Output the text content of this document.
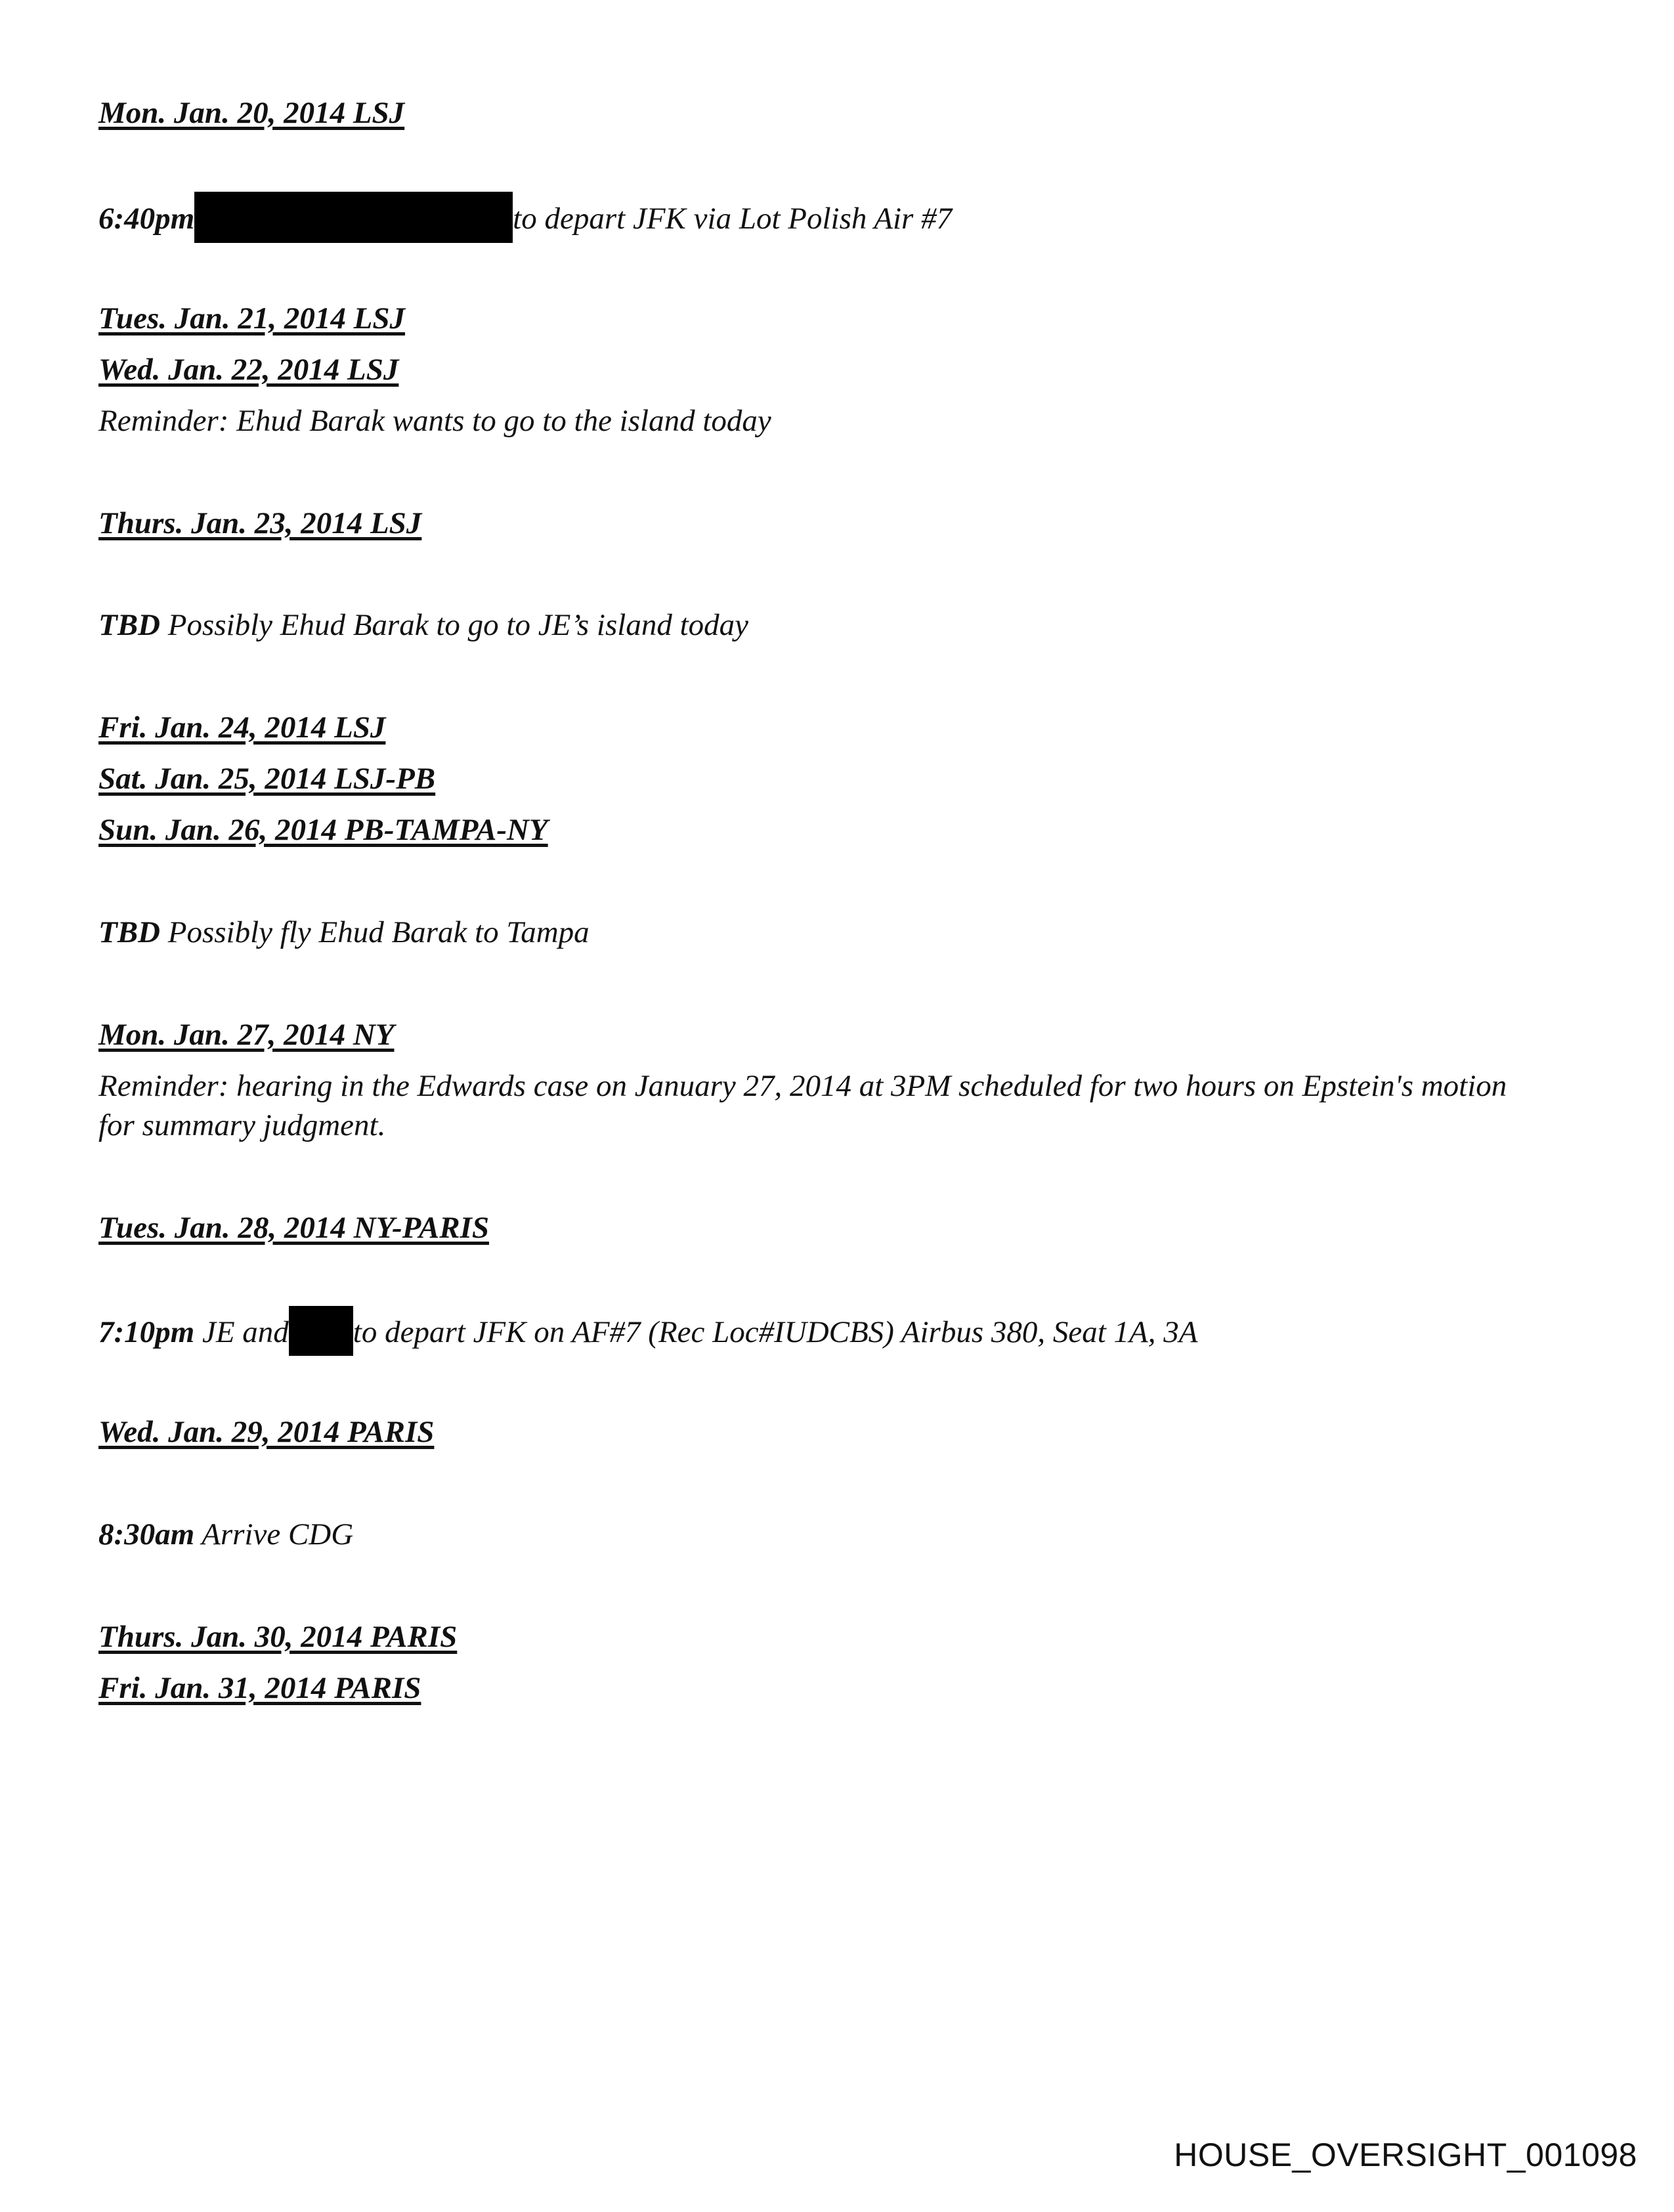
Mon. Jan. 20, 2014 LSJ
6:40pm	to depart JFK via Lot Polish Air #7
Tues. Jan. 21, 2014 LSJ
Wed. Jan. 22, 2014 LSJ
Reminder: Ehud Barak wants to go to the island today
Thurs. Jan. 23, 2014 LSJ
TBD Possibly Ehud Barak to go to JE’s island today
Fri. Jan. 24, 2014 LSJ
Sat. Jan. 25, 2014 LSJ-PB
Sun. Jan. 26, 2014 PB-TAMPA-NY
TBD Possibly fly Ehud Barak to Tampa
Mon. Jan. 27, 2014 NY
Reminder: hearing in the Edwards case on January 27, 2014 at 3PM scheduled for two hours on Epstein's motion for summary judgment.
Tues. Jan. 28, 2014 NY-PARIS
7:10pm JE and to depart JFK on AF#7 (Rec Loc#IUDCBS) Airbus 380, Seat 1A, 3A
Wed. Jan. 29, 2014 PARIS
8:30am Arrive CDG
Thurs. Jan. 30, 2014 PARIS
Fri. Jan. 31, 2014 PARIS
HOUSE_OVERSIGHT_001098
